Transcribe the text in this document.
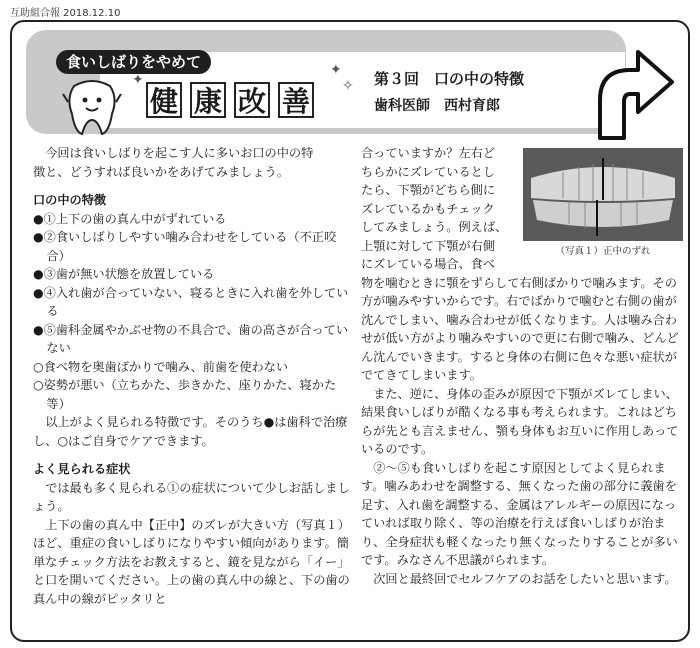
互助組合報 2018.12.10
食いしばりをやめて
健 康 改 善
✦
✦
✧ 第３回　口の中の特徴
歯科医師　西村育郎

今回は食いしばりを起こす人に多いお口の中の特

徴と、どうすれば良いかをあげてみましょう。

口の中の特徴

●①上下の歯の真ん中がずれている

●②食いしばりしやすい噛み合わせをしている（不正咬合）

●③歯が無い状態を放置している

●④入れ歯が合っていない、寝るときに入れ歯を外している

●⑤歯科金属やかぶせ物の不具合で、歯の高さが合っていない

○食べ物を奥歯ばかりで噛み、前歯を使わない

○姿勢が悪い（立ちかた、歩きかた、座りかた、寝かた等）

以上がよく見られる特徴です。そのうち●は歯科で治療し、○はご自身でケアできます。

よく見られる症状

では最も多く見られる①の症状について少しお話しましょう。

上下の歯の真ん中【正中】のズレが大きい方（写真１）ほど、重症の食いしばりになりやすい傾向があります。簡単なチェック方法をお教えすると、鏡を見ながら「イー」と口を開いてください。上の歯の真ん中の線と、下の歯の真ん中の線がピッタリと

合っていますか？左右ど

ちらかにズレているとし

たら、下顎がどちら側に

ズレているかもチェック

してみましょう。例えば、

上顎に対して下顎が右側

にズレている場合、食べ

物を噛むときに顎をずらして右側ばかりで噛みます。その方が噛みやすいからです。右でばかりで噛むと右側の歯が沈んでしまい、噛み合わせが低くなります。人は噛み合わせが低い方がより噛みやすいので更に右側で噛み、どんどん沈んでいきます。すると身体の右側に色々な悪い症状がでてきてしまいます。

また、逆に、身体の歪みが原因で下顎がズレてしまい、結果食いしばりが酷くなる事も考えられます。これはどちらが先とも言えません、顎も身体もお互いに作用しあっているのです。

②～⑤も食いしばりを起こす原因としてよく見られます。噛みあわせを調整する、無くなった歯の部分に義歯を足す、入れ歯を調整する、金属はアレルギーの原因になっていれば取り除く、等の治療を行えば食いしばりが治まり、全身症状も軽くなったり無くなったりすることが多いです。みなさん不思議がられます。

次回と最終回でセルフケアのお話をしたいと思います。

（写真１）正中のずれ
